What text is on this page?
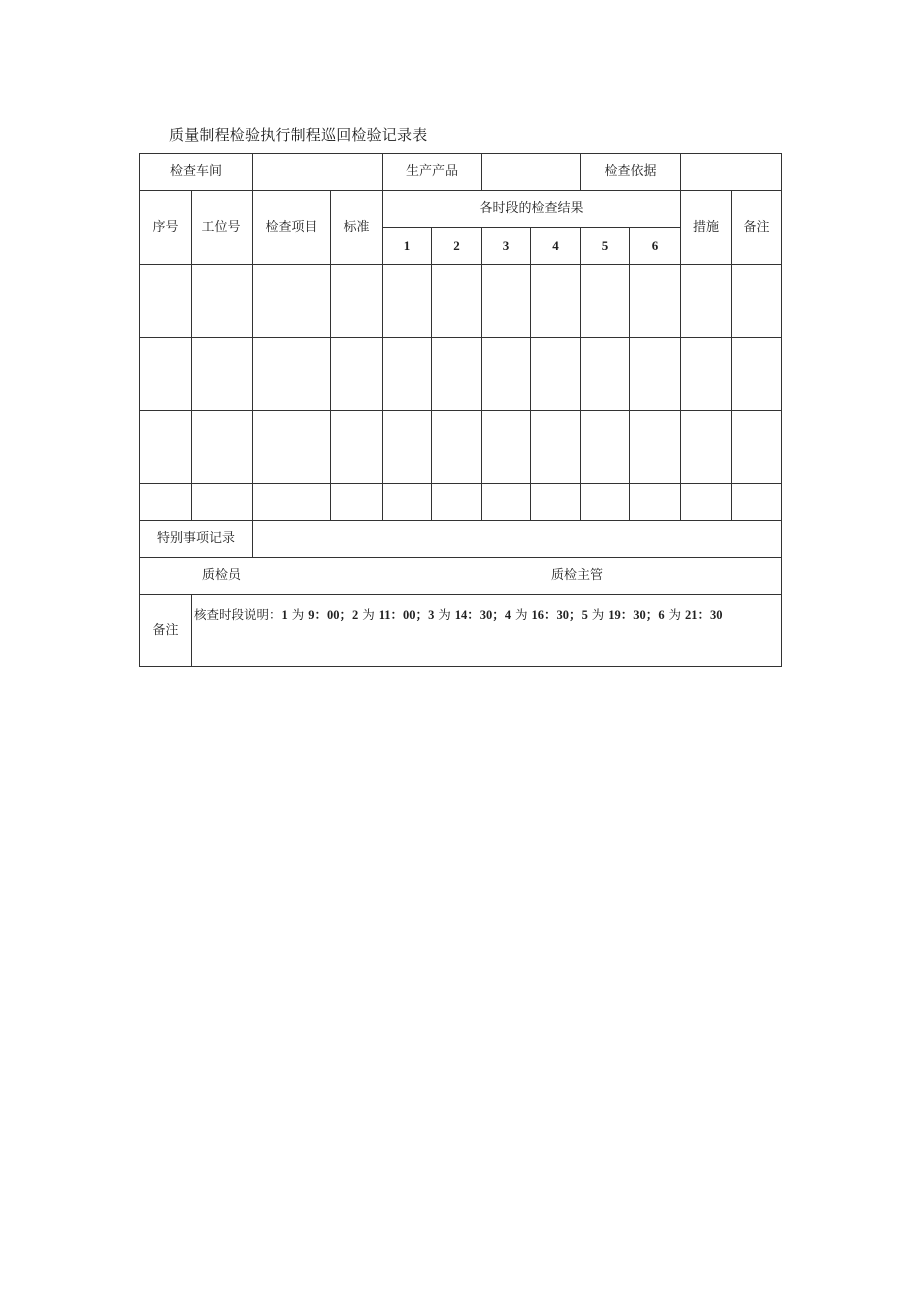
质量制程检验执行制程巡回检验记录表
检查车间				生产产品				检查依据			
序号	工位号	检查项目	标准	各时段的检查结果						措施	备注
				1	2	3	4	5	6		

特别事项记录											
质检员 质检主管											
备注	核查时段说明：1 为 9：00；2 为 11：00；3 为 14：30；4 为 16：30；5 为 19：30；6 为 21：30										
